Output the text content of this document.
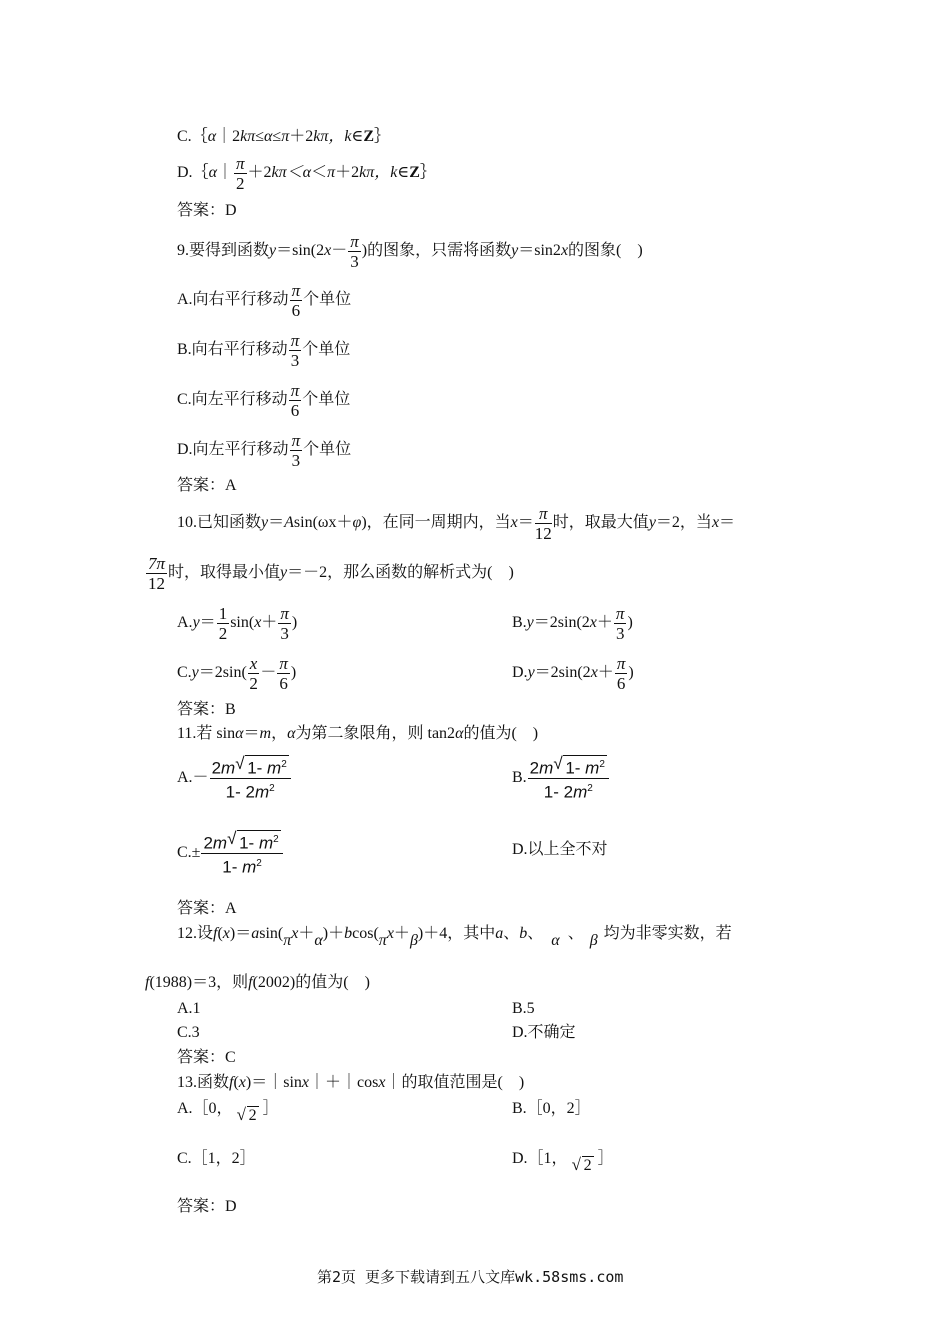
C.｛α｜2kπ≤α≤π＋2kπ，k∈Z｝
D.｛α｜ $\frac{\pi}{2} +2k\pi<\alpha<\pi+2k\pi$，k∈Z｝
答案：D
9.要得到函数$y=\sin(2x- \frac{\pi}{3}$ )的图象，只需将函数y＝sin2x的图象(　)
A.向右平行移动 $\frac{\pi}{6}$ 个单位
B.向右平行移动 $\frac{\pi}{3}$ 个单位
C.向左平行移动 $\frac{\pi}{6}$ 个单位
D.向左平行移动 $\frac{\pi}{3}$ 个单位
答案：A
10.已知函数y＝Asin(ωx＋φ)，在同一周期内，当$x= \frac{\pi}{12}$ 时，取最大值y＝2，当x＝
$\frac{7\pi}{12}$ 时，取得最小值y＝－2，那么函数的解析式为(　)
$A.y= \frac{1}{2} \sin(x+ \frac{\pi}{3}$ )	$B.y=2\sin(2x+ \frac{\pi}{3}$ )
$C.y=2\sin( \frac{x}{2} - \frac{\pi}{6}$ )	$D.y=2\sin(2x+ \frac{\pi}{6}$ )
答案：B
11.若 sinα＝m，α为第二象限角，则 tan2α的值为(　)
$A.- \frac{2m √ 1- m^2}{1- 2m^2}$	B. $\frac{2m √ 1- m^2}{1- 2m^2}$
$C.\pm \frac{2m √ 1- m^2}{1- m^2}$	D.以上全不对
答案：A
12.设f(x)＝asin(πx＋α)＋bcos(πx＋β)＋4，其中a、b、 α 、 β 均为非零实数，若
f(1988)＝3，则f(2002)的值为(　)
A.1	B.5
C.3	D.不确定
答案：C
13.函数f(x)＝｜sinx｜＋｜cosx｜的取值范围是(　)
A.［0， √ 2 ］	B.［0，2］
C.［1，2］	D.［1， √ 2 ］
答案：D
第2页 更多下载请到五八文库wk.58sms.com
